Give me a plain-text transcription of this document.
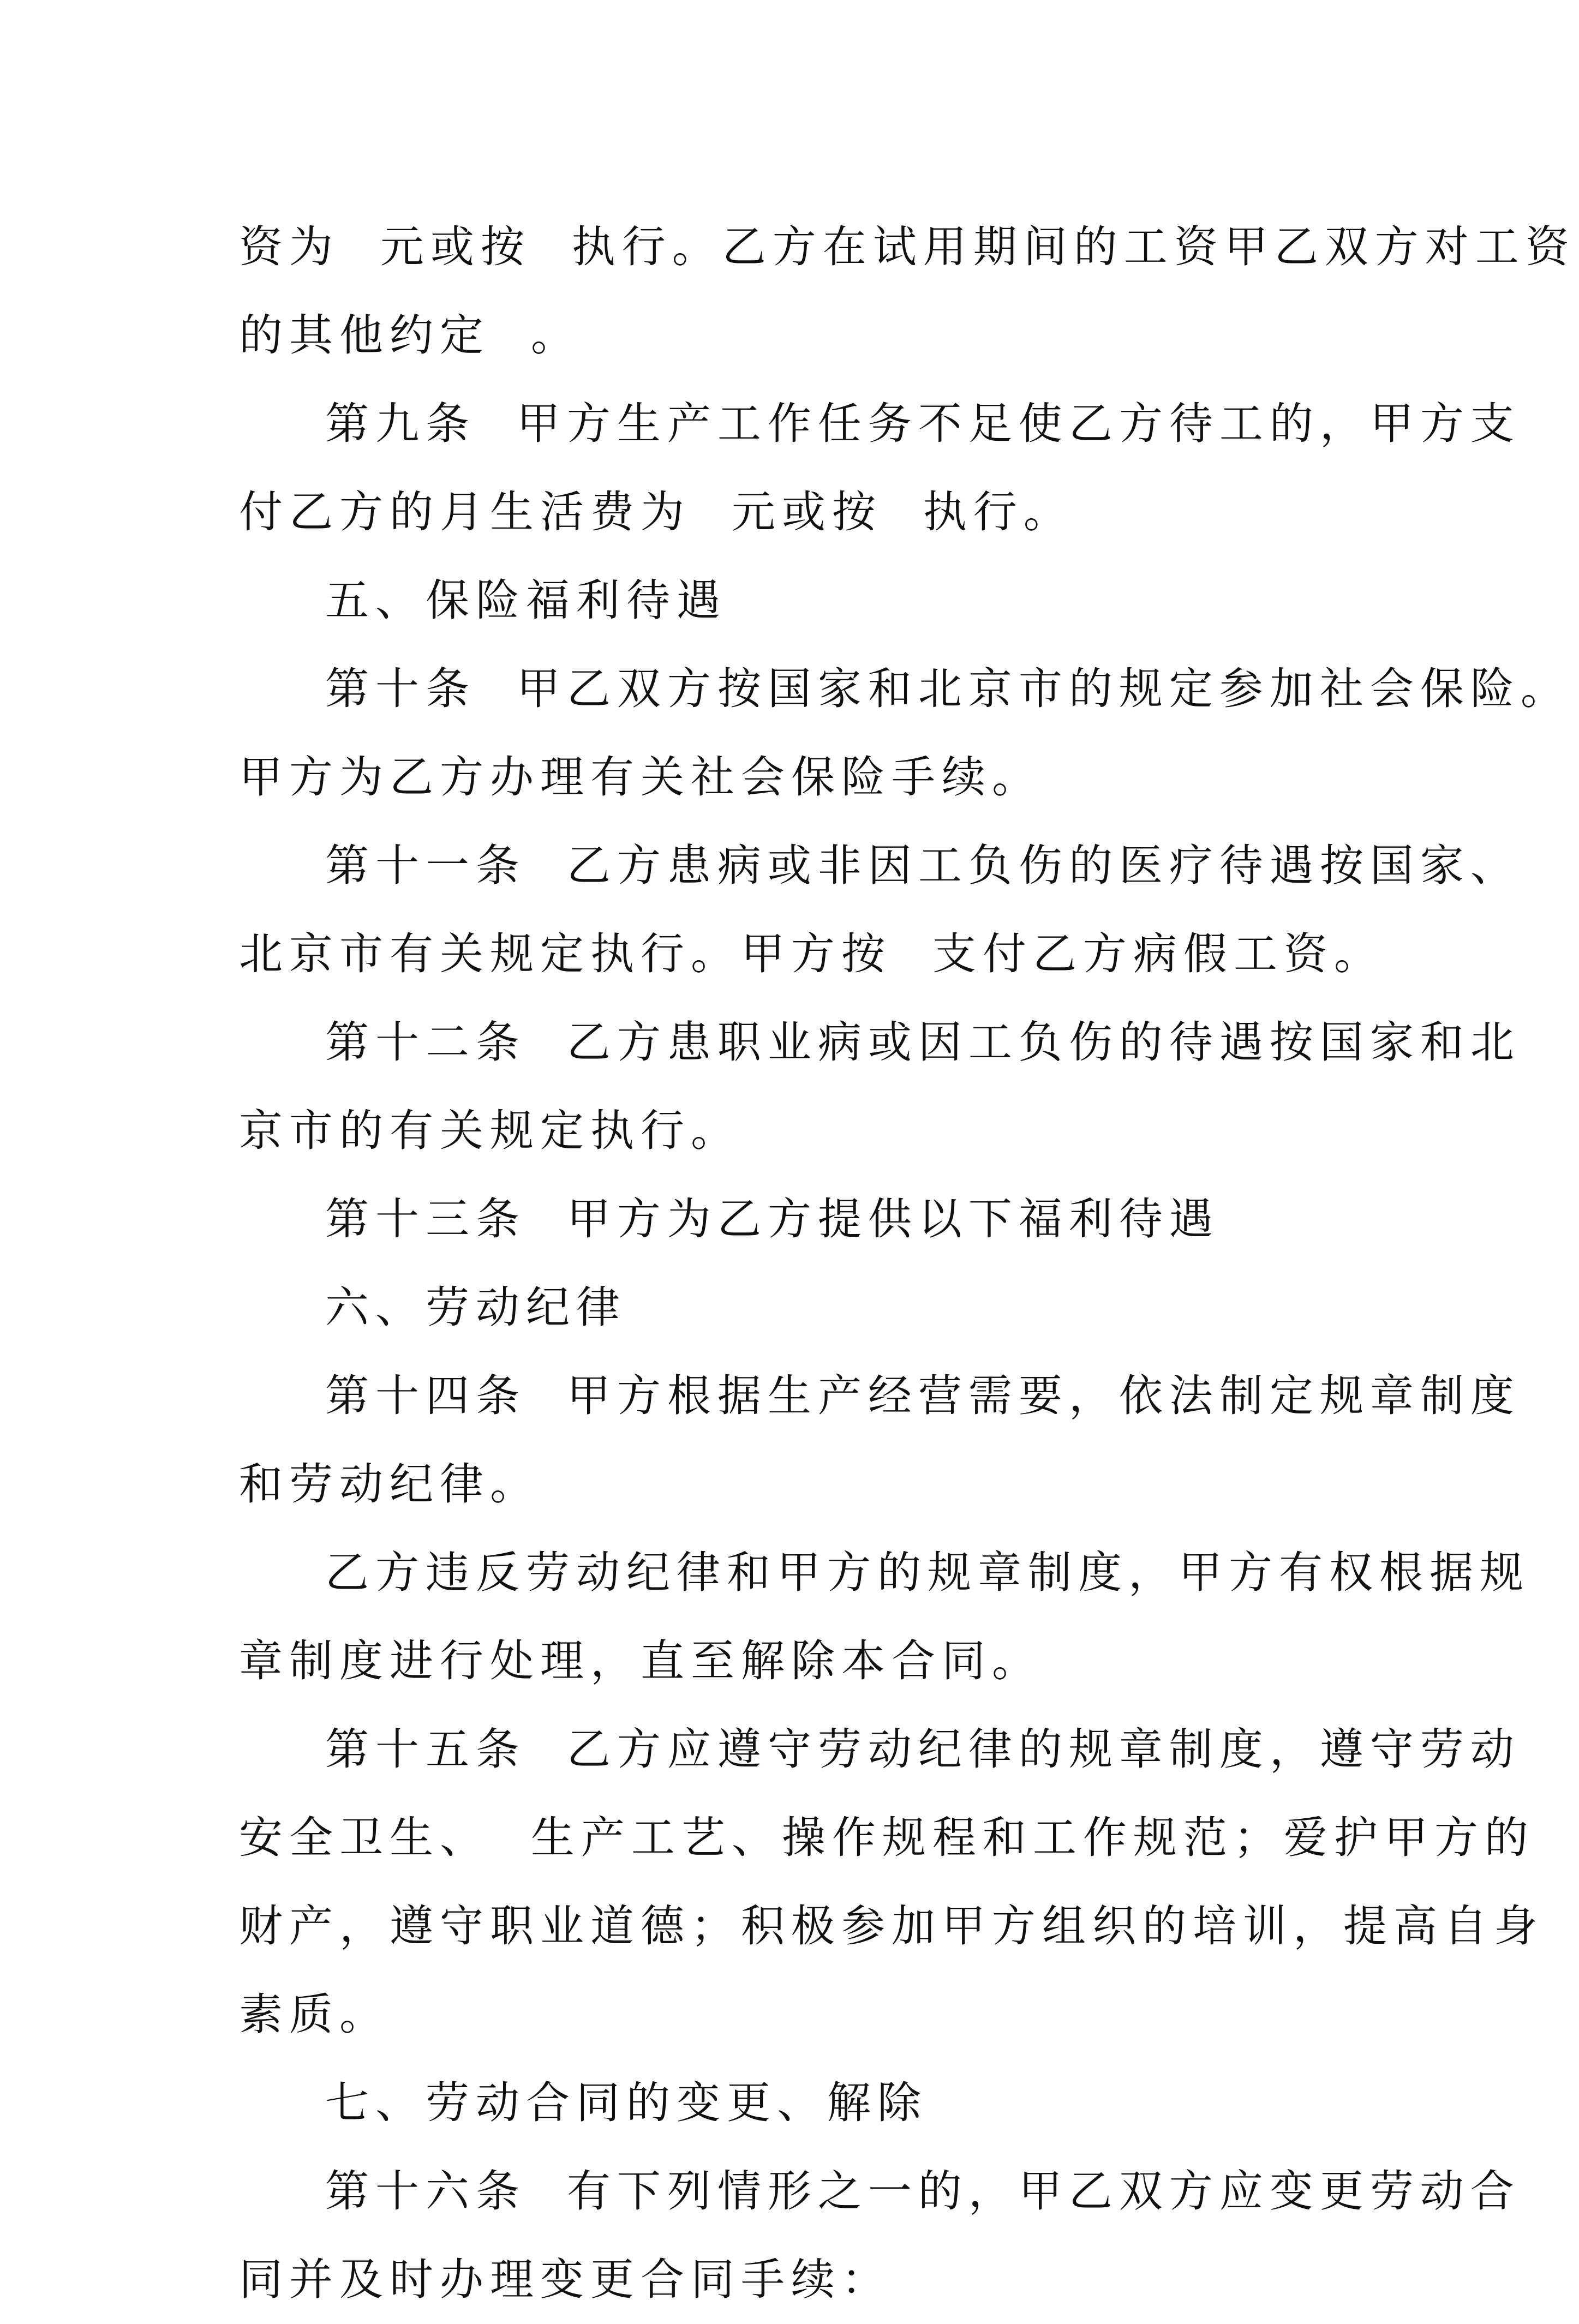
资为  元或按  执行。乙方在试用期间的工资甲乙双方对工资
的其他约定  。
第九条  甲方生产工作任务不足使乙方待工的，甲方支
付乙方的月生活费为  元或按  执行。
五、保险福利待遇
第十条  甲乙双方按国家和北京市的规定参加社会保险。
甲方为乙方办理有关社会保险手续。
第十一条  乙方患病或非因工负伤的医疗待遇按国家、
北京市有关规定执行。甲方按  支付乙方病假工资。
第十二条  乙方患职业病或因工负伤的待遇按国家和北
京市的有关规定执行。
第十三条  甲方为乙方提供以下福利待遇
六、劳动纪律
第十四条  甲方根据生产经营需要，依法制定规章制度
和劳动纪律。
乙方违反劳动纪律和甲方的规章制度，甲方有权根据规
章制度进行处理，直至解除本合同。
第十五条  乙方应遵守劳动纪律的规章制度，遵守劳动
安全卫生、  生产工艺、操作规程和工作规范；爱护甲方的
财产，遵守职业道德；积极参加甲方组织的培训，提高自身
素质。
七、劳动合同的变更、解除
第十六条  有下列情形之一的，甲乙双方应变更劳动合
同并及时办理变更合同手续：
